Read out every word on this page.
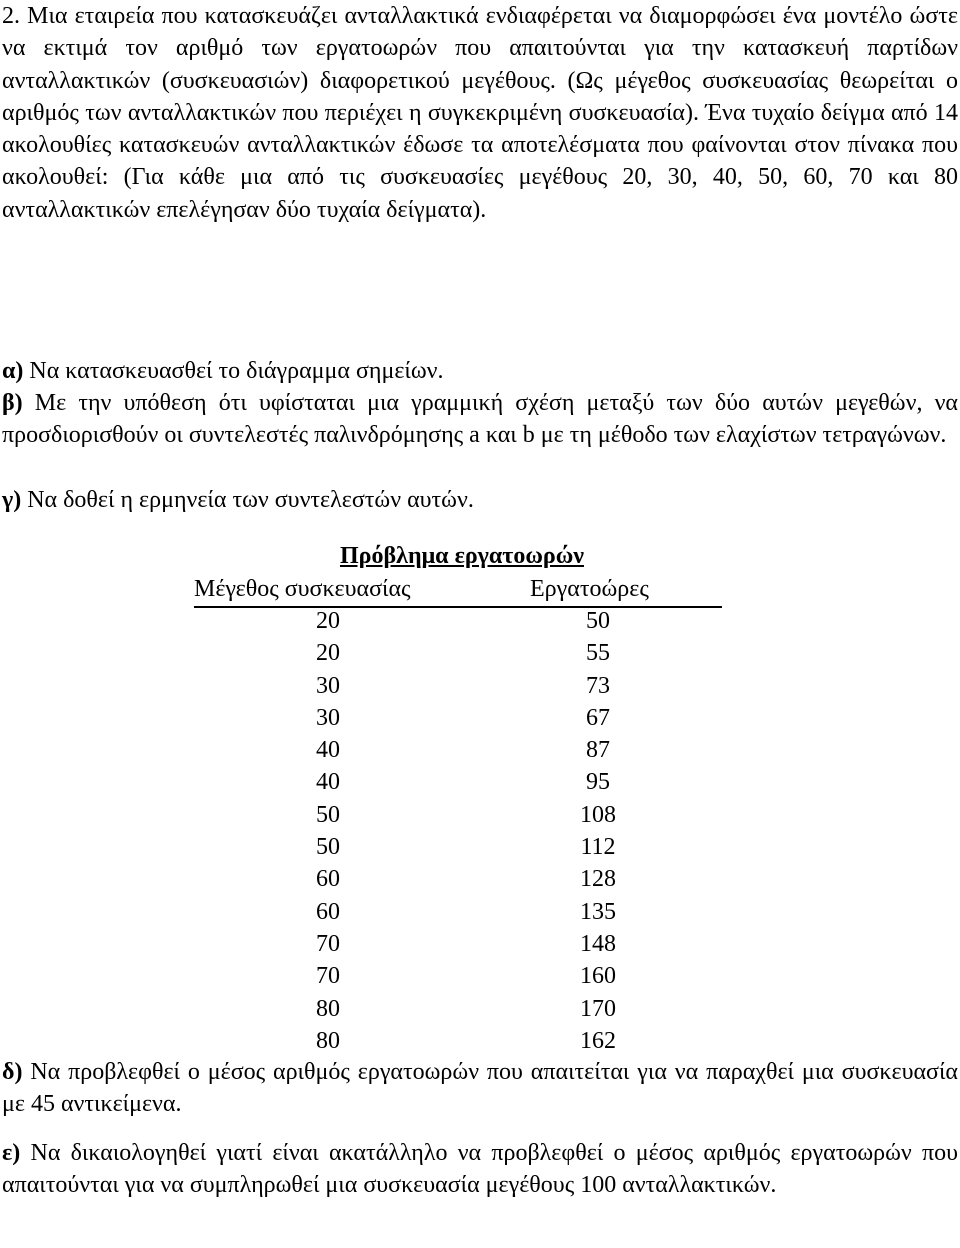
2. Μια εταιρεία που κατασκευάζει ανταλλακτικά ενδιαφέρεται να διαμορφώσει ένα μοντέλο ώστε να εκτιμά τον αριθμό των εργατοωρών που απαιτούνται για την κατασκευή παρτίδων ανταλλακτικών (συσκευασιών) διαφορετικού μεγέθους. (Ως μέγεθος συσκευασίας θεωρείται ο αριθμός των ανταλλακτικών που περιέχει η συγκεκριμένη συσκευασία). Ένα τυχαίο δείγμα από 14 ακολουθίες κατασκευών ανταλλακτικών έδωσε τα αποτελέσματα που φαίνονται στον πίνακα που ακολουθεί: (Για κάθε μια από τις συσκευασίες μεγέθους 20, 30, 40, 50, 60, 70 και 80 ανταλλακτικών επελέγησαν δύο τυχαία δείγματα).

α) Να κατασκευασθεί το διάγραμμα σημείων.

β) Με την υπόθεση ότι υφίσταται μια γραμμική σχέση μεταξύ των δύο αυτών μεγεθών, να προσδιορισθούν οι συντελεστές παλινδρόμησης a και b με τη μέθοδο των ελαχίστων τετραγώνων.

γ) Να δοθεί η ερμηνεία των συντελεστών αυτών.

Πρόβλημα εργατοωρών

Μέγεθος συσκευασίας	Εργατοώρες
20	50
20	55
30	73
30	67
40	87
40	95
50	108
50	112
60	128
60	135
70	148
70	160
80	170
80	162

δ) Να προβλεφθεί ο μέσος αριθμός εργατοωρών που απαιτείται για να παραχθεί μια συσκευασία με 45 αντικείμενα.

ε) Να δικαιολογηθεί γιατί είναι ακατάλληλο να προβλεφθεί ο μέσος αριθμός εργατοωρών που απαιτούνται για να συμπληρωθεί μια συσκευασία μεγέθους 100 ανταλλακτικών.
